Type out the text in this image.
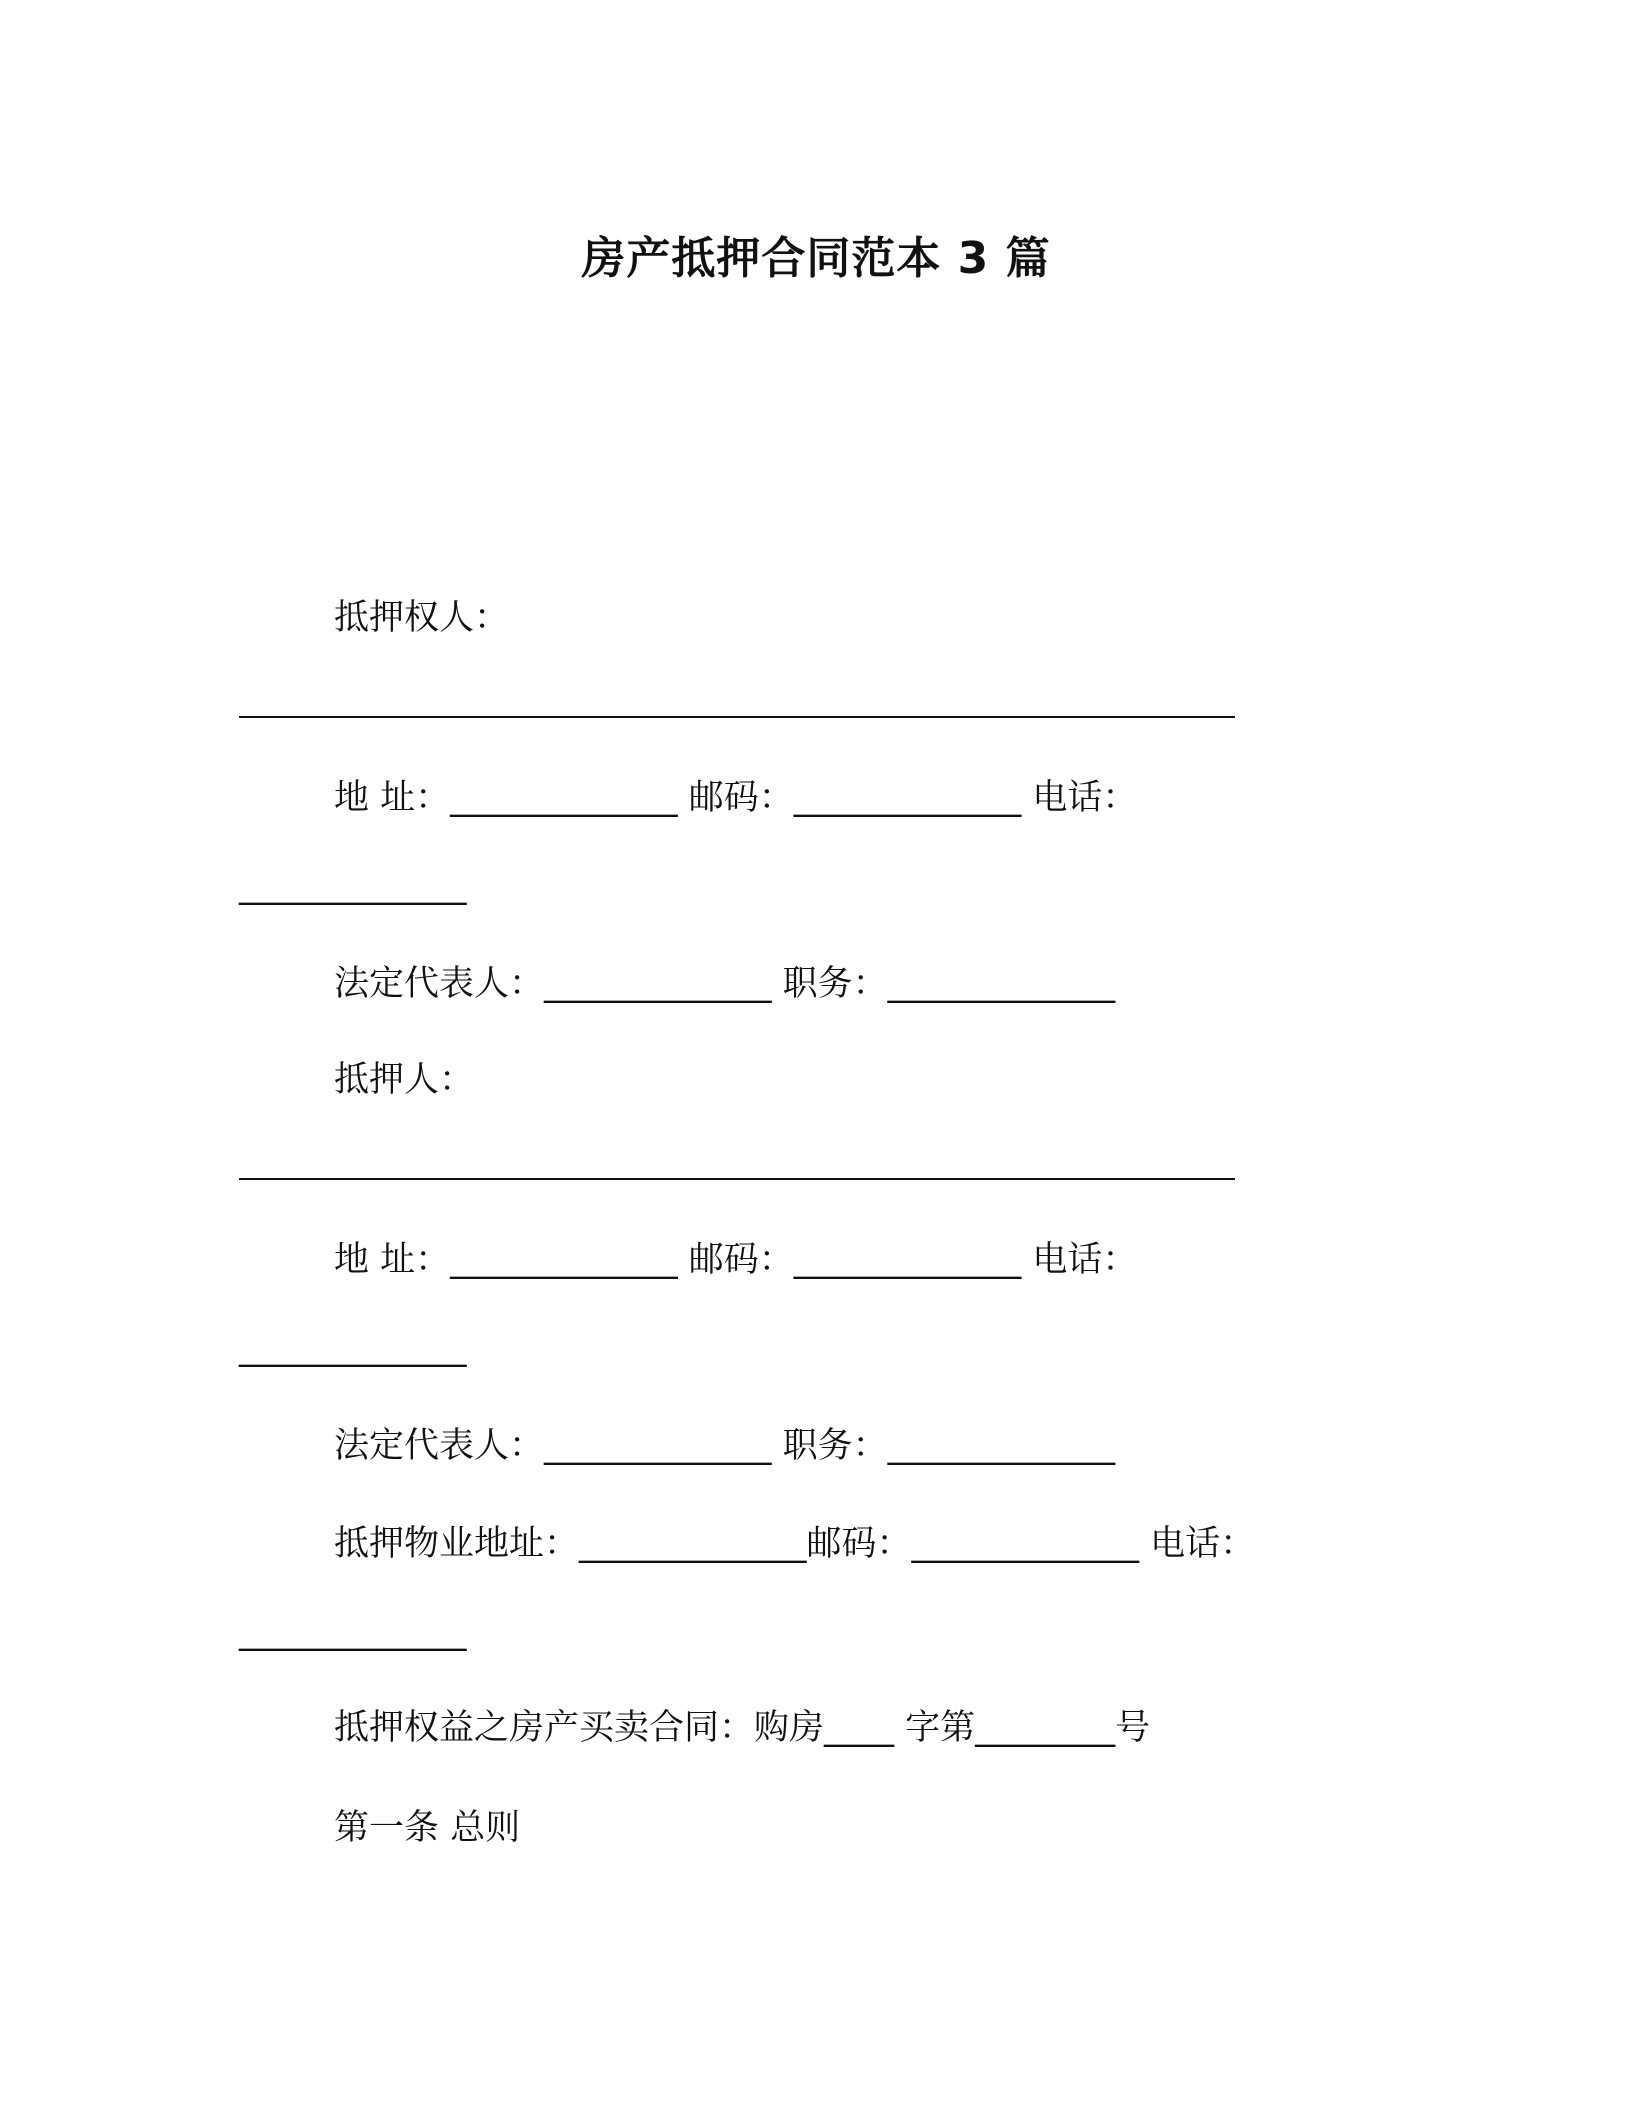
房产抵押合同范本 3 篇
抵押权人：
地 址：_____________ 邮码：_____________ 电话：
_____________
法定代表人：_____________ 职务：_____________
抵押人：
地 址：_____________ 邮码：_____________ 电话：
_____________
法定代表人：_____________ 职务：_____________
抵押物业地址：_____________邮码：_____________ 电话：
_____________
抵押权益之房产买卖合同：购房____ 字第________号
第一条 总则
